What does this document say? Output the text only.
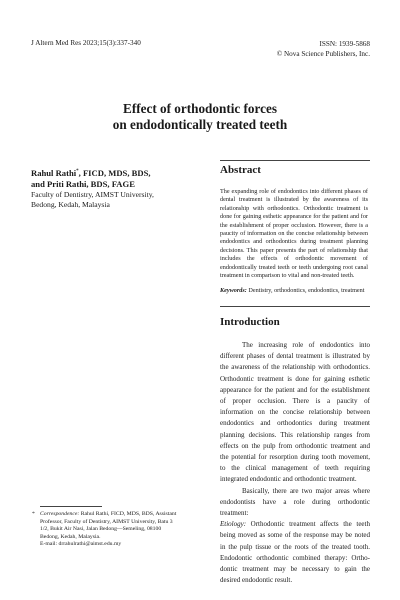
J Altern Med Res 2023;15(3):337-340	ISSN: 1939-5868
© Nova Science Publishers, Inc.
Effect of orthodontic forces
on endodontically treated teeth
Rahul Rathi*, FICD, MDS, BDS,
and Priti Rathi, BDS, FAGE
Faculty of Dentistry, AIMST University,
Bedong, Kedah, Malaysia
Abstract
The expanding role of endodontics into different phases of dental treatment is illustrated by the awareness of its relationship with orthodontics. Orthodontic treatment is done for gaining esthetic appearance for the patient and for the establishment of proper occlusion. However, there is a paucity of information on the concise relationship between endodontics and orthodontics during treatment planning decisions. This paper presents the part of relationship that includes the effects of orthodontic movement of endodontically treated teeth or teeth undergoing root canal treatment in comparison to vital and non-treated teeth.
Keywords: Dentistry, orthodontics, endodontics, treatment
Introduction

The increasing role of endodontics into different phases of dental treatment is illustrated by the awareness of the relationship with orthodontics. Orthodontic treatment is done for gaining esthetic appearance for the patient and for the establishment of proper occlusion. There is a paucity of information on the concise relationship between endodontics and orthodontics during treatment planning decisions. This relationship ranges from effects on the pulp from orthodontic treatment and the potential for resorption during tooth movement, to the clinical management of teeth requiring integrated endodontic and orthodontic treatment.

Basically, there are two major areas where endodontists have a role during orthodontic treatment:

Etiology: Orthodontic treatment affects the teeth being moved as some of the response may be noted in the pulp tissue or the roots of the treated tooth. Endodontic orthodontic combined therapy: Ortho-dontic treatment may be necessary to gain the desired endodontic result.

* Correspondence: Rahul Rathi, FICD, MDS, BDS, Assistant Professor, Faculty of Dentistry, AIMST University, Batu 3 1/2, Bukit Air Nasi, Jalan Bedong—Semeling, 08100 Bedong, Kedah, Malaysia.
E-mail: drrahulrathi@aimst.edu.my
